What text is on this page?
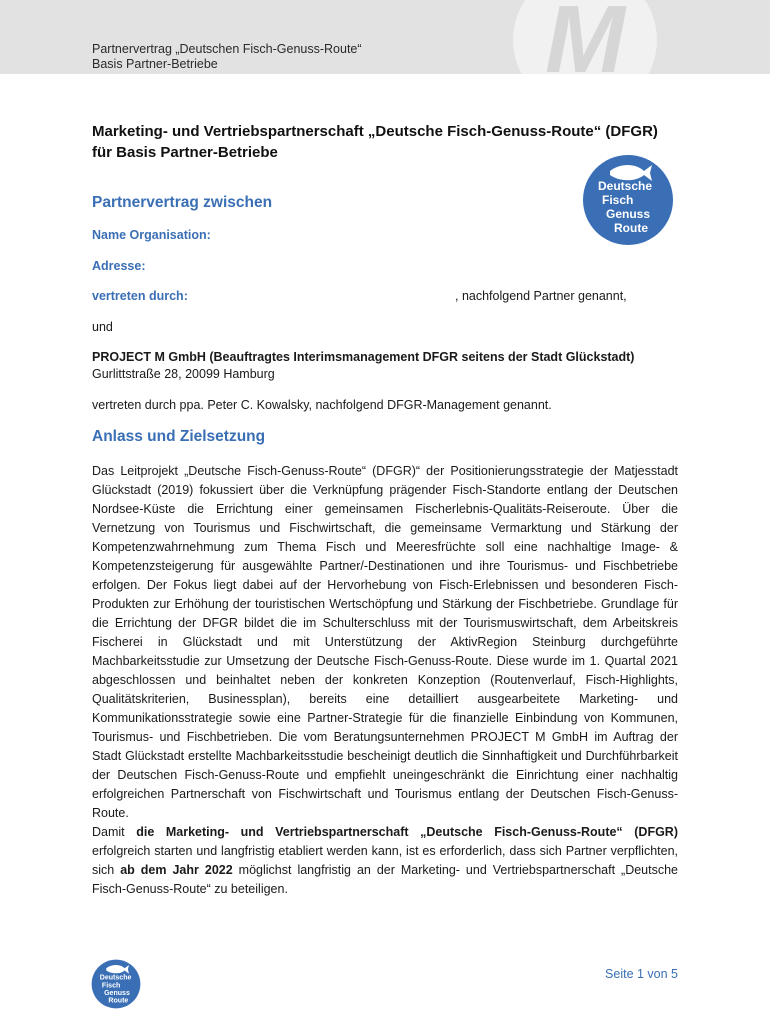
M
Partnervertrag „Deutschen Fisch-Genuss-Route“
Basis Partner-Betriebe
Marketing- und Vertriebspartnerschaft „Deutsche Fisch-Genuss-Route“ (DFGR)
für Basis Partner-Betriebe
Deutsche
Fisch
Genuss
Route
Partnervertrag zwischen
Name Organisation:
Adresse:
vertreten durch:	, nachfolgend Partner genannt,
und
PROJECT M GmbH (Beauftragtes Interimsmanagement DFGR seitens der Stadt Glückstadt)
Gurlittstraße 28, 20099 Hamburg
vertreten durch ppa. Peter C. Kowalsky, nachfolgend DFGR-Management genannt.
Anlass und Zielsetzung

Das Leitprojekt „Deutsche Fisch-Genuss-Route“ (DFGR)“ der Positionierungsstrategie der Matjesstadt Glückstadt (2019) fokussiert über die Verknüpfung prägender Fisch-Standorte entlang der Deutschen Nordsee-Küste die Errichtung einer gemeinsamen Fischerlebnis-Qualitäts-Reiseroute. Über die Vernetzung von Tourismus und Fischwirtschaft, die gemeinsame Vermarktung und Stärkung der Kompetenzwahrnehmung zum Thema Fisch und Meeresfrüchte soll eine nachhaltige Image- & Kompetenzsteigerung für ausgewählte Partner/-Destinationen und ihre Tourismus- und Fischbetriebe erfolgen. Der Fokus liegt dabei auf der Hervorhebung von Fisch-Erlebnissen und besonderen Fisch-Produkten zur Erhöhung der touristischen Wertschöpfung und Stärkung der Fischbetriebe. Grundlage für die Errichtung der DFGR bildet die im Schulterschluss mit der Tourismuswirtschaft, dem Arbeitskreis Fischerei in Glückstadt und mit Unterstützung der AktivRegion Steinburg durchgeführte Machbarkeitsstudie zur Umsetzung der Deutsche Fisch-Genuss-Route. Diese wurde im 1. Quartal 2021 abgeschlossen und beinhaltet neben der konkreten Konzeption (Routenverlauf, Fisch-Highlights, Qualitätskriterien, Businessplan), bereits eine detailliert ausgearbeitete Marketing- und Kommunikationsstrategie sowie eine Partner-Strategie für die finanzielle Einbindung von Kommunen, Tourismus- und Fischbetrieben. Die vom Beratungsunternehmen PROJECT M GmbH im Auftrag der Stadt Glückstadt erstellte Machbarkeitsstudie bescheinigt deutlich die Sinnhaftigkeit und Durchführbarkeit der Deutschen Fisch-Genuss-Route und empfiehlt uneingeschränkt die Einrichtung einer nachhaltig erfolgreichen Partnerschaft von Fischwirtschaft und Tourismus entlang der Deutschen Fisch-Genuss-Route.

Damit die Marketing- und Vertriebspartnerschaft „Deutsche Fisch-Genuss-Route“ (DFGR) erfolgreich starten und langfristig etabliert werden kann, ist es erforderlich, dass sich Partner verpflichten, sich ab dem Jahr 2022 möglichst langfristig an der Marketing- und Vertriebspartnerschaft „Deutsche Fisch-Genuss-Route“ zu beteiligen.

Deutsche
Fisch
Genuss
Route
Seite 1 von 5
